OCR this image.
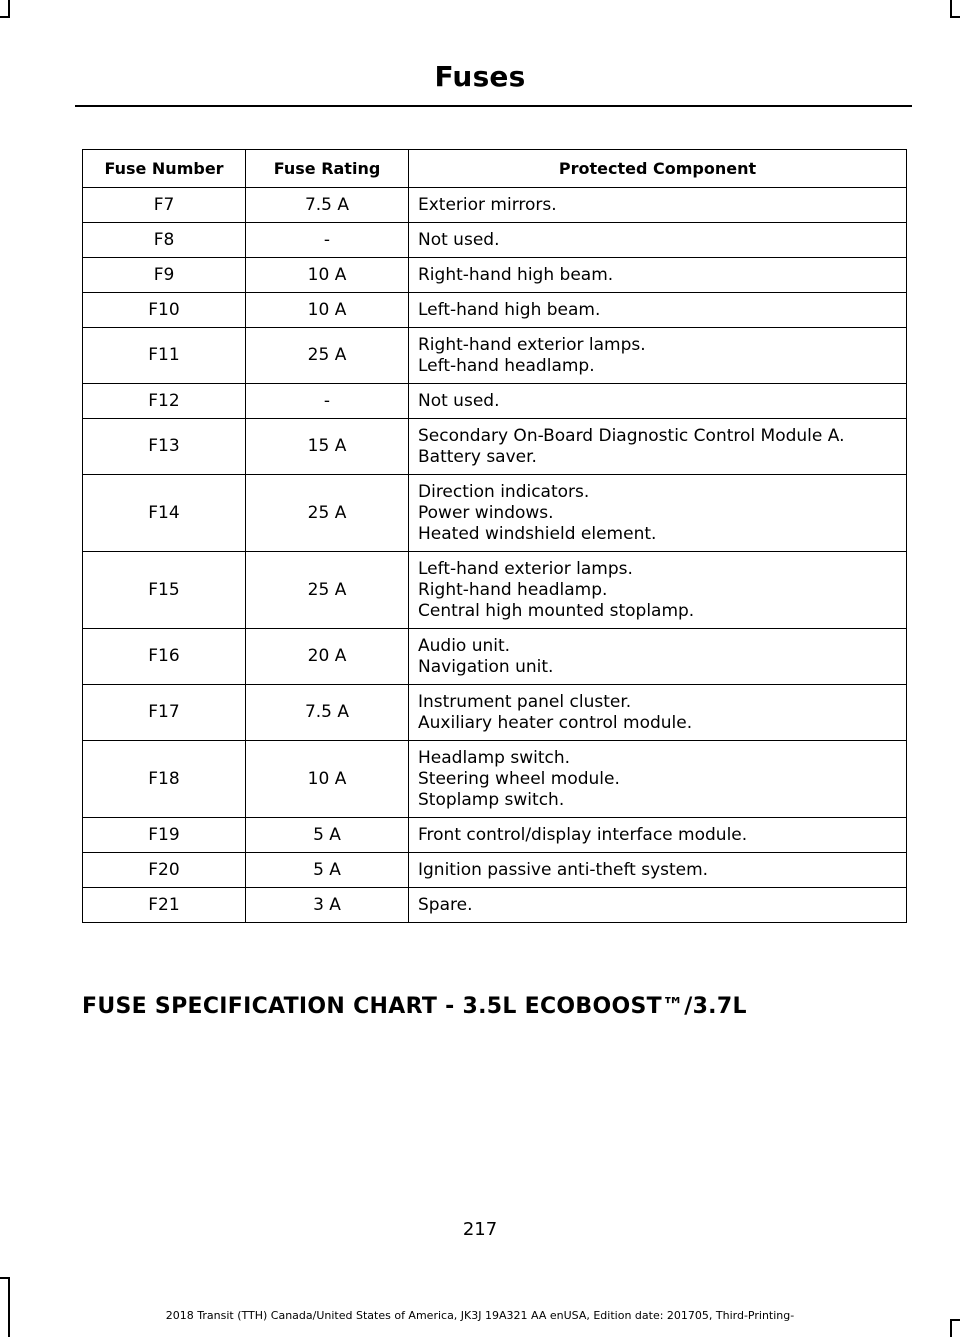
Fuses
Fuse Number	Fuse Rating	Protected Component
F7	7.5 A	Exterior mirrors.

F8	-	Not used.

F9	10 A	Right-hand high beam.

F10	10 A	Left-hand high beam.

F11	25 A	Right-hand exterior lamps.
Left-hand headlamp.

F12	-	Not used.

F13	15 A	Secondary On-Board Diagnostic Control Module A.
Battery saver.

F14	25 A	Direction indicators.
Power windows.
Heated windshield element.

F15	25 A	Left-hand exterior lamps.
Right-hand headlamp.
Central high mounted stoplamp.

F16	20 A	Audio unit.
Navigation unit.

F17	7.5 A	Instrument panel cluster.
Auxiliary heater control module.

F18	10 A	Headlamp switch.
Steering wheel module.
Stoplamp switch.

F19	5 A	Front control/display interface module.

F20	5 A	Ignition passive anti-theft system.

F21	3 A	Spare.
FUSE SPECIFICATION CHART - 3.5L ECOBOOST™/3.7L
217
2018 Transit (TTH) Canada/United States of America, JK3J 19A321 AA enUSA, Edition date: 201705, Third-Printing-
